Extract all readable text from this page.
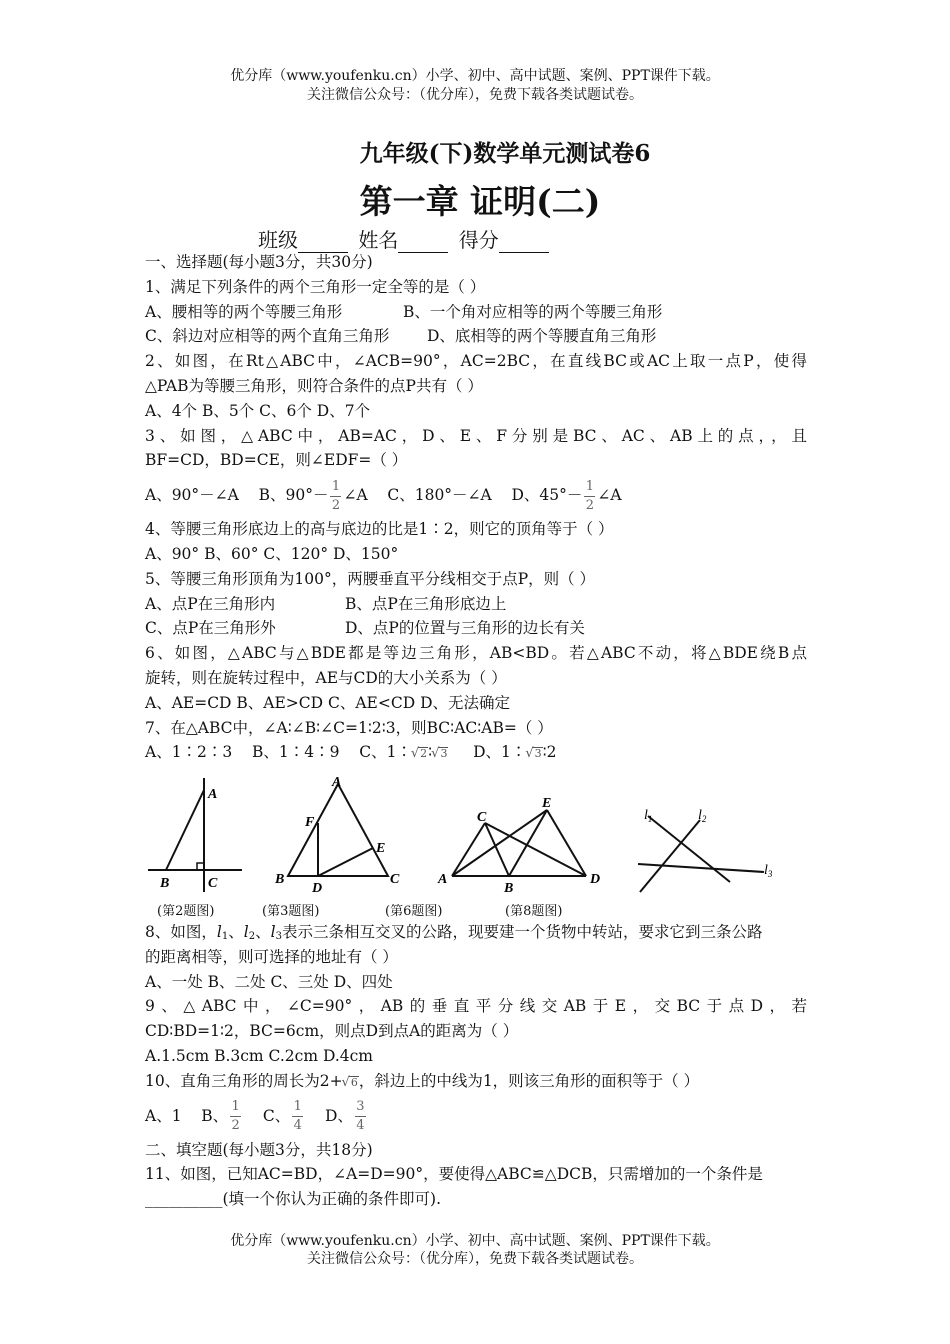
优分库（www.youfenku.cn）小学、初中、高中试题、案例、PPT课件下载。
关注微信公众号：（优分库），免费下载各类试题试卷。
九年级(下)数学单元测试卷6
第一章 证明(二)
班级	姓名	得分
一、选择题(每小题3分，共30分)
1、满足下列条件的两个三角形一定全等的是（ ）
A、腰相等的两个等腰三角形	B、一个角对应相等的两个等腰三角形
C、斜边对应相等的两个直角三角形 D、底相等的两个等腰直角三角形
2、如图，在Rt△ABC中，∠ACB=90°，AC=2BC，在直线BC或AC上取一点P，使得
△PAB为等腰三角形，则符合条件的点P共有（ ）
A、4个 B、5个 C、6个 D、7个
3、如图，△ABC中，AB=AC，D、E、F分别是BC、AC、AB上的点，，且
BF=CD，BD=CE，则∠EDF=（ ）
A、90°－∠A B、$90^\circ- \frac{1}{2}$ ∠A C、180°－∠A D、$45^\circ- \frac{1}{2}$ ∠A
4、等腰三角形底边上的高与底边的比是1∶2，则它的顶角等于（ ）
A、90° B、60° C、120° D、150°
5、等腰三角形顶角为100°，两腰垂直平分线相交于点P，则（ ）
A、点P在三角形内	B、点P在三角形底边上
C、点P在三角形外	D、点P的位置与三角形的边长有关
6、如图，△ABC与△BDE都是等边三角形，AB<BD。若△ABC不动，将△BDE绕B点
旋转，则在旋转过程中，AE与CD的大小关系为（ ）
A、AE=CD B、AE>CD C、AE<CD D、无法确定
7、在△ABC中，∠A∶∠B∶∠C=1∶2∶3，则BC∶AC∶AB=（ ）
A、1∶2∶3 B、1∶4∶9 C、1∶ √ 2∶ √ 3 D、1∶ √ 3∶2
A
B	C
A
F
E
B
D
C
C
E
A
B
D
$l_1$	$l_2$
$l_3$
(第2题图)	(第3题图)	(第6题图)	(第8题图)
8、如图，$l_1$、$l_2$、$l_3$表示三条相互交叉的公路，现要建一个货物中转站，要求它到三条公路
的距离相等，则可选择的地址有（ ）
A、一处 B、二处 C、三处 D、四处
9、△ABC中，∠C=90°，AB的垂直平分线交AB于E，交BC于点D，若
CD∶BD=1∶2，BC=6cm，则点D到点A的距离为（ ）
A.1.5cm B.3cm C.2cm D.4cm
10、直角三角形的周长为2+ √ 6，斜边上的中线为1，则该三角形的面积等于（ ）
A、1 B、 $\frac{1}{2}$ C、 $\frac{1}{4}$ D、 $\frac{3}{4}$
二、填空题(每小题3分，共18分)
11、如图，已知AC=BD，∠A=D=90°，要使得△ABC≌△DCB，只需增加的一个条件是
__________(填一个你认为正确的条件即可).
优分库（www.youfenku.cn）小学、初中、高中试题、案例、PPT课件下载。
关注微信公众号：（优分库），免费下载各类试题试卷。
